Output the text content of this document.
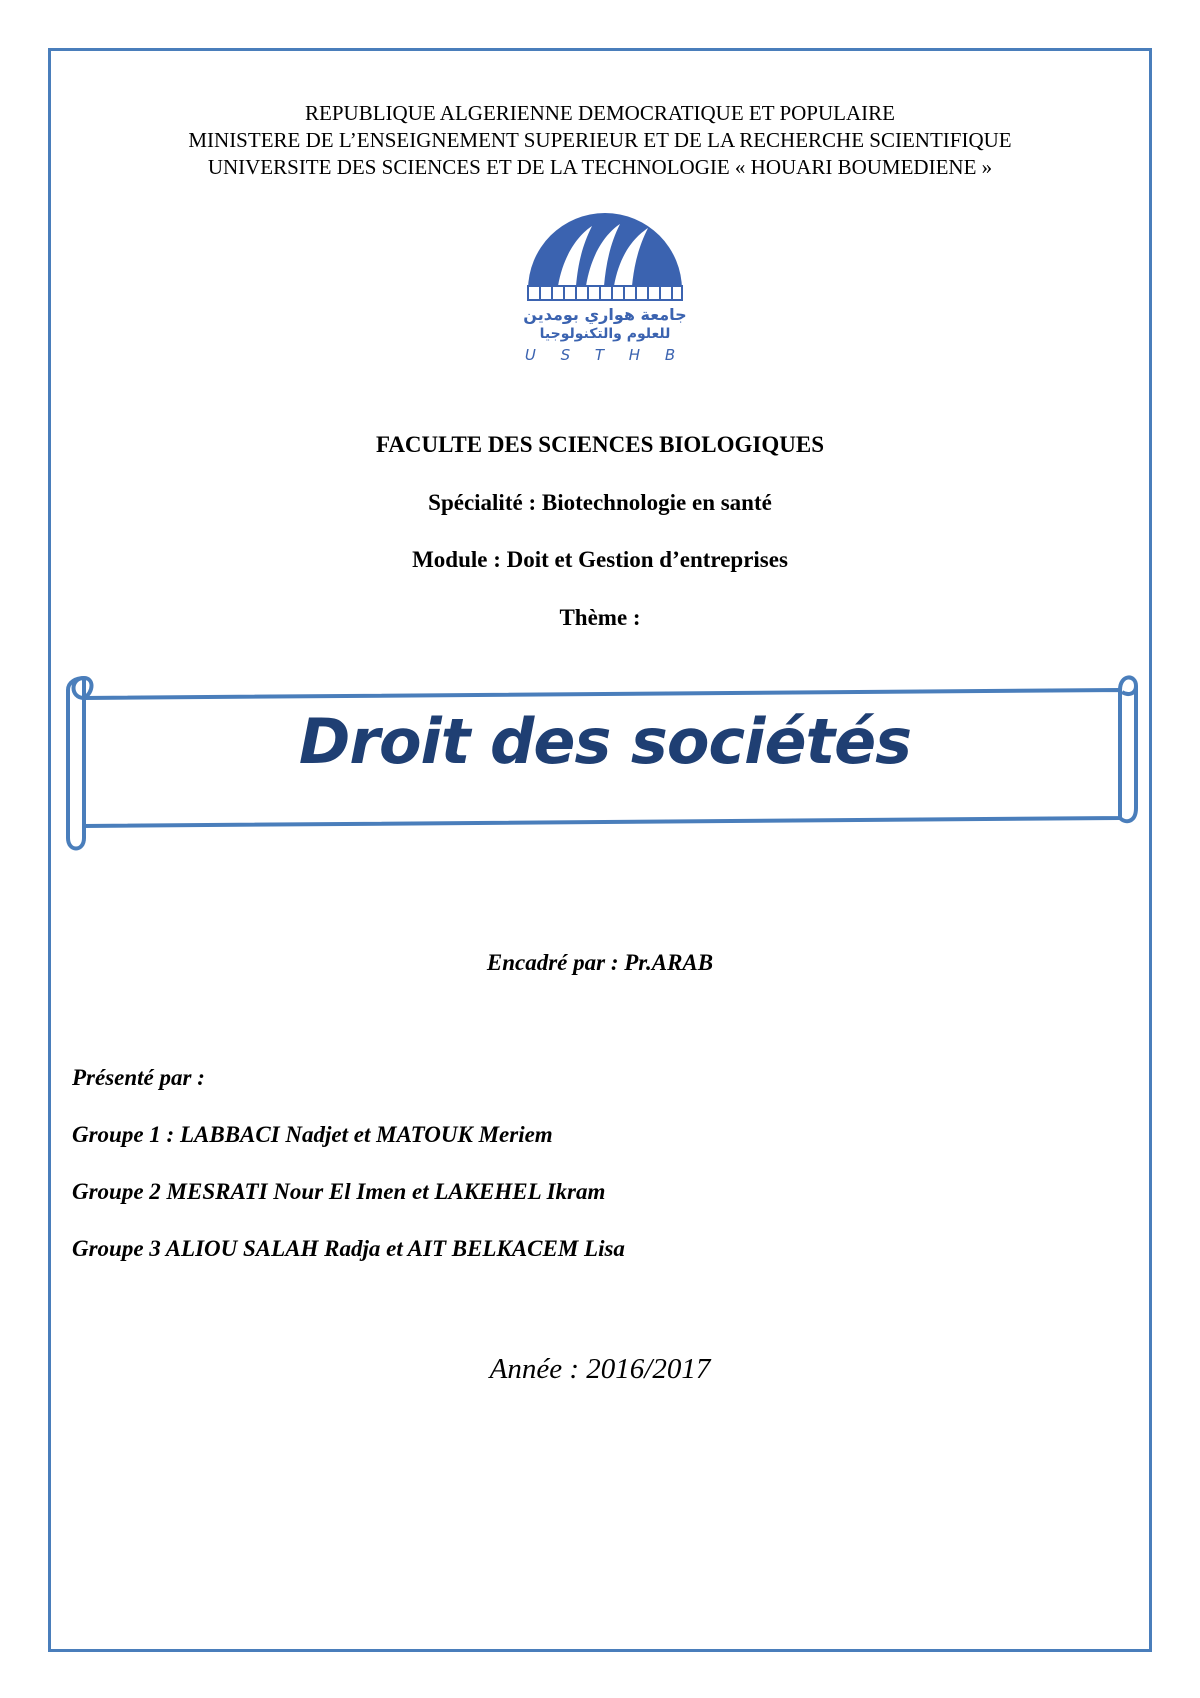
REPUBLIQUE ALGERIENNE DEMOCRATIQUE ET POPULAIRE
MINISTERE DE L’ENSEIGNEMENT SUPERIEUR ET DE LA RECHERCHE SCIENTIFIQUE
UNIVERSITE DES SCIENCES ET DE LA TECHNOLOGIE « HOUARI BOUMEDIENE »
جامعة هواري بومدين
للعلوم والتكنولوجيا
U S T H B
FACULTE DES SCIENCES BIOLOGIQUES
Spécialité : Biotechnologie en santé
Module : Doit et Gestion d’entreprises
Thème :
Droit des sociétés
Encadré par : Pr.ARAB
Présenté par :
Groupe 1 : LABBACI Nadjet et MATOUK Meriem
Groupe 2 MESRATI Nour El Imen et LAKEHEL Ikram
Groupe 3 ALIOU SALAH Radja et AIT BELKACEM Lisa
Année : 2016/2017
